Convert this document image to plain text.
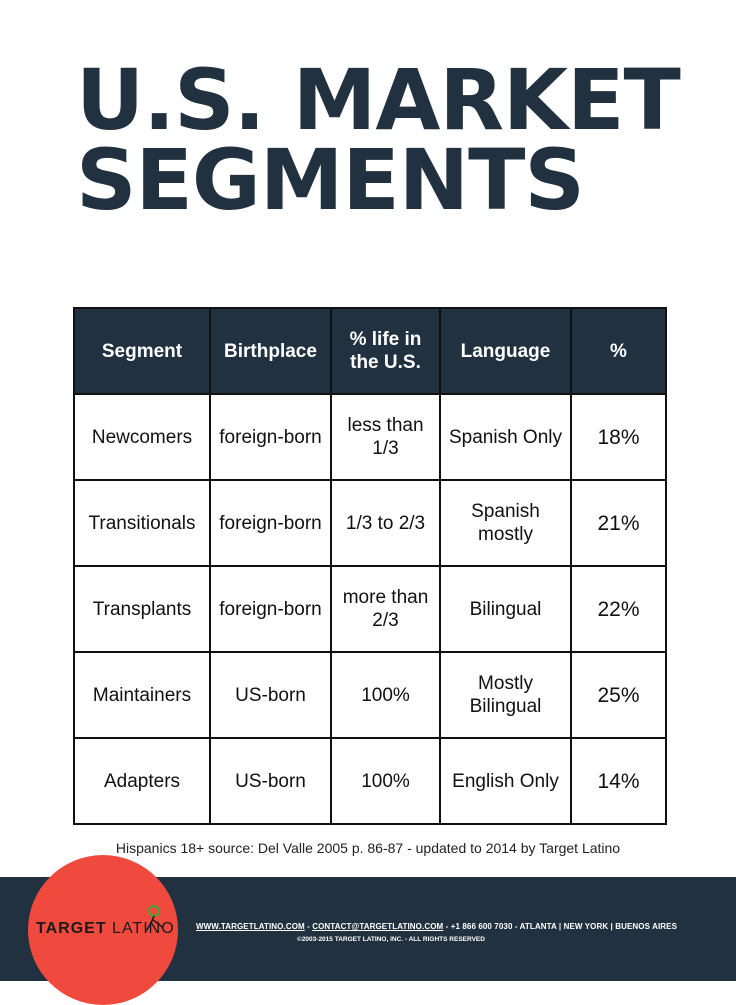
U.S. MARKET
SEGMENTS
Segment	Birthplace	% life in the U.S.	Language	%
Newcomers	foreign-born	less than 1/3	Spanish Only	18%
Transitionals	foreign-born	1/3 to 2/3	Spanish mostly	21%
Transplants	foreign-born	more than 2/3	Bilingual	22%
Maintainers	US-born	100%	Mostly Bilingual	25%
Adapters	US-born	100%	English Only	14%
Hispanics 18+ source: Del Valle 2005 p. 86-87 - updated to 2014 by Target Latino
TARGET LATINO	WWW.TARGETLATINO.COM - CONTACT@TARGETLATINO.COM - +1 866 600 7030 - ATLANTA | NEW YORK | BUENOS AIRES
©2003-2015 TARGET LATINO, INC. - ALL RIGHTS RESERVED
